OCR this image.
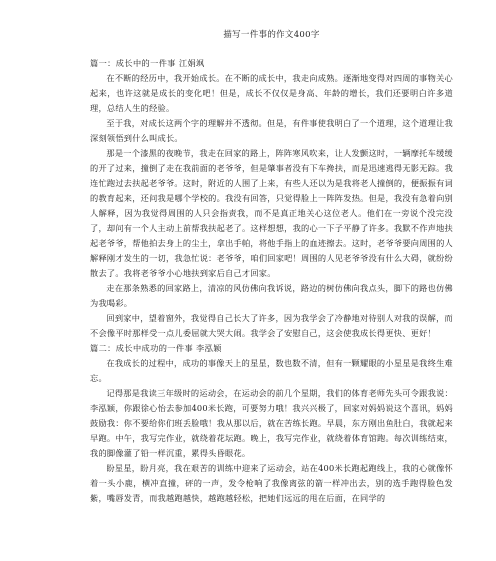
描写一件事的作文400字

篇一：成长中的一件事 江娟飒

在不断的经历中，我开始成长。在不断的成长中，我走向成熟。逐渐地变得对四周的事物关心起来，也许这就是成长的变化吧！但是，成长不仅仅是身高、年龄的增长，我们还要明白许多道理，总结人生的经验。

至于我，对成长这两个字的理解并不透彻。但是，有件事使我明白了一个道理，这个道理让我深刻领悟到什么叫成长。

那是一个漆黑的夜晚节，我走在回家的路上，阵阵寒风吹来，让人发颤这时，一辆摩托车缓缓的开了过来，撞倒了走在我前面的老爷爷，但是肇事者没有下车搀扶，而是迅速逃得无影无踪。我连忙跑过去扶起老爷爷。这时，附近的人围了上来，有些人还以为是我将老人撞倒的，便振振有词的教育起来，还问我是哪个学校的。我没有回答，只觉得脸上一阵阵发热。但是，我没有急着向别人解释，因为我觉得周围的人只会指责我，而不是真正地关心这位老人。他们在一旁说个没完没了，却问有一个人主动上前帮我扶起老了。这样想想，我的心一下子平静了许多。我默不作声地扶起老爷爷，帮他拍去身上的尘土，拿出手帕，将他手指上的血迹擦去。这时，老爷爷要向周围的人解释刚才发生的一切，我急忙说：老爷爷，咱们回家吧！周围的人见老爷爷没有什么大碍，就纷纷散去了。我将老爷爷小心地扶到家后自己才回家。

走在那条熟悉的回家路上，清凉的风仿佛向我诉说，路边的树仿佛向我点头，脚下的路也仿佛为我喝彩。

回到家中，望着窗外，我觉得自己长大了许多，因为我学会了冷静地对待别人对我的误解，而不会像平时那样受一点儿委屈就大哭大闹。我学会了安慰自己，这会使我成长得更快、更好！

篇二：成长中成功的一件事 李泓颖

在我成长的过程中，成功的事像天上的星星，数也数不清，但有一颗耀眼的小星星是我终生难忘。

记得那是我读三年级时的运动会，在运动会的前几个星期，我们的体育老师先头可令跟我说：李泓颖，你跟徐心怡去参加400米长跑，可要努力哦！我兴兴极了，回家对妈妈说这个喜讯，妈妈鼓励我：你不要给你们班丢脸哦！我从那以后，就在苦练长跑。早晨，东方刚出鱼肚白，我就起来早跑。中午，我写完作业，就绕着花坛跑。晚上，我写完作业，就绕着体育馆跑。每次训练结束，我的脚像灌了铅一样沉重，累得头昏眼花。

盼星星，盼月亮，我在艰苦的训练中迎来了运动会，站在400米长跑起跑线上，我的心就像怀着一头小鹿，横冲直撞，砰的一声，发令枪响了我像离弦的箭一样冲出去，别的选手跑得脸色发紫，嘴唇发青，而我越跑越快，越跑越轻松，把她们远远的甩在后面，在同学的
